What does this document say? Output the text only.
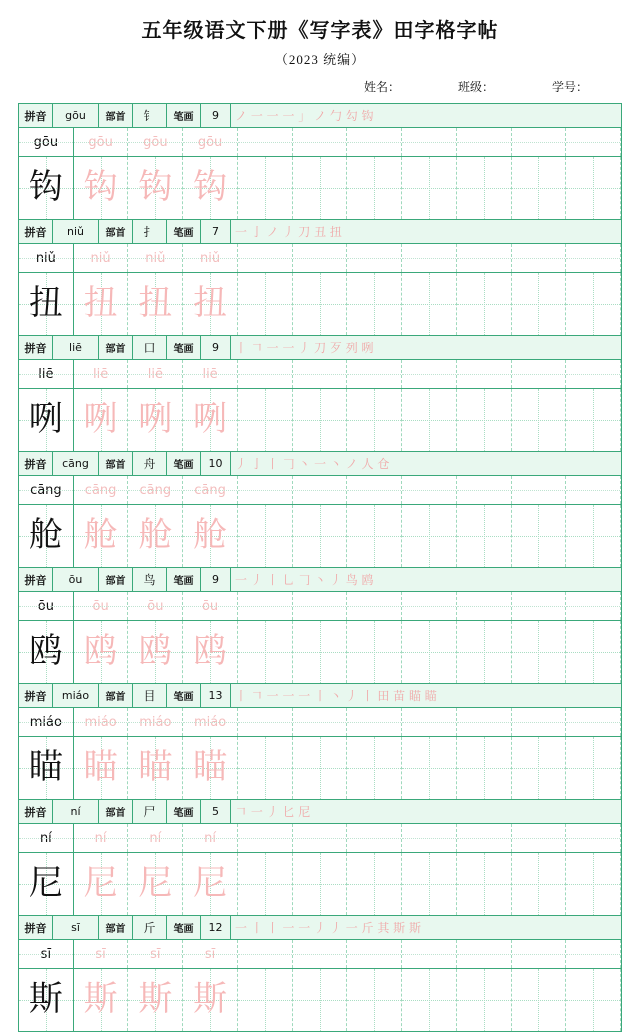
五年级语文下册《写字表》田字格字帖
（2023 统编）
姓名：	班级：	学号：
拼音	gōu	部首	钅	笔画	9	ノ 一 一 一 」 ノ 勹 勾 钩
gōu gōu gōu gōu
钩 钩 钩 钩
拼音	niǔ	部首	扌	笔画	7	一 亅 ノ 丿 刀 丑 扭
niǔ	niǔ	niǔ	niǔ
扭 扭 扭 扭
拼音	liē	部首	口	笔画	9	丨 𠃍 一 一 丿 刀 歹 列 咧
liē	liē	liē	liē
咧 咧 咧 咧
拼音	cāng	部首	舟	笔画	10	丿 亅 丨 𠃌 丶 一 丶 ノ 人 仓
cāng cāng cāng cāng
舱 舱 舱 舱
拼音	ōu	部首	鸟	笔画	9	一 丿 丨 乚 𠃌 丶 丿 鸟 鸥
ōu	ōu	ōu	ōu
鸥 鸥 鸥 鸥
拼音	miáo	部首	目	笔画	13	丨 𠃍 一 一 一 丨 丶 丿 丨 田 苗 瞄 瞄
miáo miáo miáo miáo
瞄 瞄 瞄 瞄
拼音	ní	部首	尸	笔画	5	𠃍 一 丿 匕 尼
ní	ní	ní	ní
尼 尼 尼 尼
拼音	sī	部首	斤	笔画	12	一 丨 丨 一 一 丿 丿 一 斤 其 斯 斯
sī	sī	sī	sī
斯 斯 斯 斯
